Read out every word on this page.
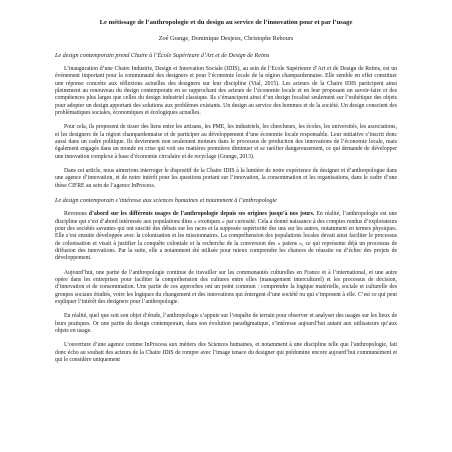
Le métissage de l’anthropologie et du design au service de l’innovation pour et par l’usage
Zoé Grange, Dominique Desjeux, Christophe Rebours
Le design contemporain prend Chaire à l’École Supérieure d’Art et de Design de Reims

L’inauguration d’une Chaire Industrie, Design et Innovation Sociale (IDIS), au sein de l’Ecole Supérieure d’Art et de Design de Reims, est un événement important pour la communauté des designers et pour l’économie locale de la région champardennaise. Elle semble en effet constituer une réponse concrète aux réflexions actuelles des designers sur leur discipline (Vial, 2015). Les acteurs de la Chaire IDIS participent ainsi pleinement au renouveau du design contemporain en se rapprochant des acteurs de l’économie locale et en leur proposant un savoir-faire et des compétences plus larges que celles du design industriel classique. Ils s’émancipent ainsi d’un design focalisé seulement sur l’esthétique des objets pour adopter un design apportant des solutions aux problèmes existants. Un design au service des hommes et de la société. Un design conscient des problématiques sociales, économiques et écologiques actuelles.

Pour cela, ils proposent de tisser des liens entre les artisans, les PME, les industriels, les chercheurs, les écoles, les universités, les associations, et les designers de la région champardennaise et de participer au développement d’une économie locale responsable. Leur initiative s’inscrit donc aussi dans un cadre politique. Ils deviennent non seulement moteurs dans le processus de production des innovations de l’économie locale, mais également engagés dans un monde en crise qui voit ses matières premières diminuer et se raréfier dangereusement, ce qui demande de développer une innovation complexe à base d’économie circulaire et de recyclage (Grange, 2013).

Dans cet article, nous aimerions interroger le dispositif de la Chaire IDIS à la lumière de notre expérience de designer et d’anthropologue dans une agence d’innovation, et de notre intérêt pour les questions portant sur l’innovation, la consommation et les organisations, dans le cadre d’une thèse CIFRE au sein de l’agence InProcess.

Le design contemporain s’intéresse aux sciences humaines et notamment à l’anthropologie

Revenons d’abord sur les différents usages de l’anthropologie depuis ses origines jusqu’à nos jours. En réalité, l’anthropologie est une discipline qui s’est d’abord intéressée aux populations dites « exotiques » par curiosité. Cela a donné naissance à des comptes rendus d’explorateurs pour des sociétés savantes qui ont suscité des débats sur les races et la supposée supériorité des uns sur les autres, notamment en termes physiques. Elle s’est ensuite développée avec la colonisation et les missionnaires. La compréhension des populations locales devait ainsi faciliter le processus de colonisation et visait à justifier la conquête coloniale et la recherche de la conversion des « païens », ce qui représente déjà un processus de diffusion des innovations. Par la suite, elle a notamment été utilisée pour mieux comprendre les chances de réussite ou d’échec des projets de développement.

Aujourd’hui, une partie de l’anthropologie continue de travailler sur les communautés culturelles en France et à l’international, et une autre opère dans les entreprises pour faciliter la compréhension des cultures entre elles (management interculturel) et les processus de décision, d’innovation et de consommation. Une partie de ces approches ont un point commun : comprendre la logique matérielle, sociale et culturelle des groupes sociaux étudiés, voire les logiques du changement et des innovations qui émergent d’une société ou qui s’imposent à elle. C’est ce qui peut expliquer l’intérêt des designers pour l’anthropologie.

En réalité, quel que soit son objet d’étude, l’anthropologie s’appuie sur l’enquête de terrain pour observer et analyser des usages sur les lieux de leurs pratiques. Or une partie du design contemporain, dans son évolution paradigmatique, s’intéresse aujourd’hui autant aux utilisateurs qu’aux objets en usage.

L’ouverture d’une agence comme InProcess aux métiers des Sciences humaines, et notamment à une discipline telle que l’anthropologie, fait donc écho au souhait des acteurs de la Chaire IDIS de rompre avec l’image tenace du designer qui prédomine encore aujourd’hui communément et qui le considère uniquement
